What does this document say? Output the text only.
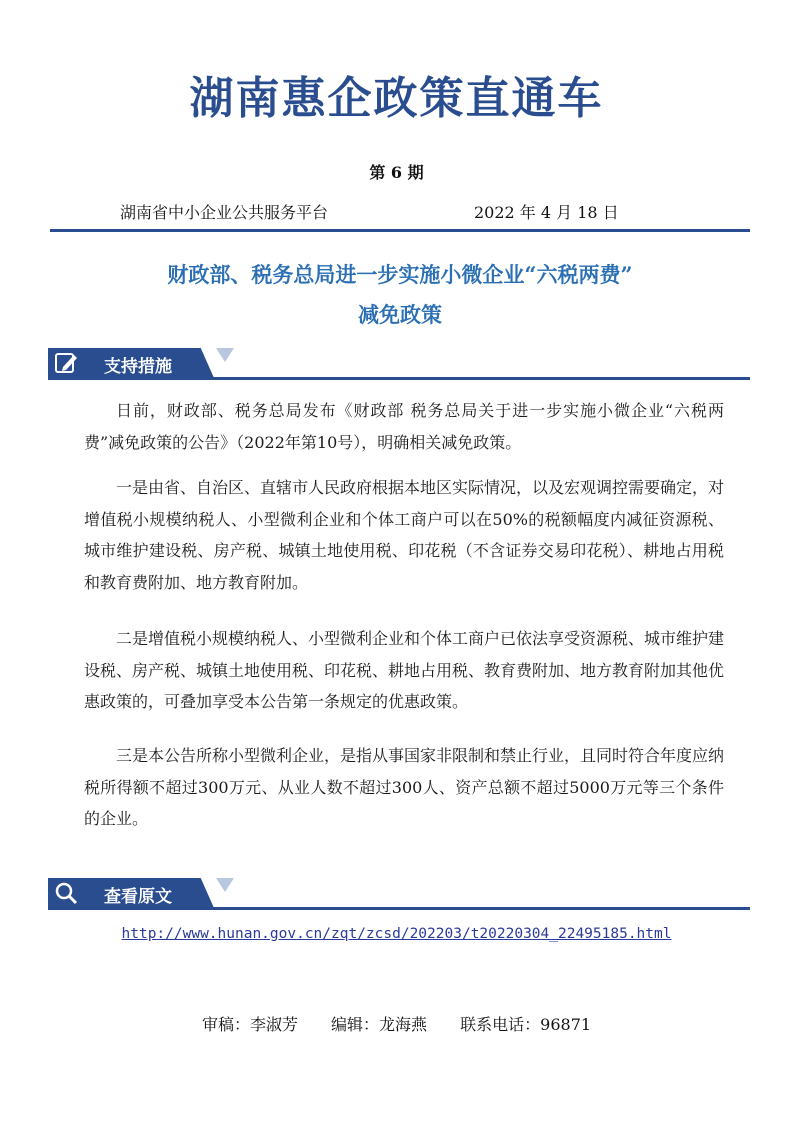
湖南惠企政策直通车
第 6 期
湖南省中小企业公共服务平台	2022 年 4 月 18 日
财政部、税务总局进一步实施小微企业“六税两费”
减免政策
支持措施
日前，财政部、税务总局发布《财政部 税务总局关于进一步实施小微企业“六税两费”减免政策的公告》（2022年第10号），明确相关减免政策。
一是由省、自治区、直辖市人民政府根据本地区实际情况，以及宏观调控需要确定，对增值税小规模纳税人、小型微利企业和个体工商户可以在50%的税额幅度内减征资源税、城市维护建设税、房产税、城镇土地使用税、印花税（不含证券交易印花税）、耕地占用税和教育费附加、地方教育附加。
二是增值税小规模纳税人、小型微利企业和个体工商户已依法享受资源税、城市维护建设税、房产税、城镇土地使用税、印花税、耕地占用税、教育费附加、地方教育附加其他优惠政策的，可叠加享受本公告第一条规定的优惠政策。
三是本公告所称小型微利企业，是指从事国家非限制和禁止行业，且同时符合年度应纳税所得额不超过300万元、从业人数不超过300人、资产总额不超过5000万元等三个条件的企业。
查看原文
http://www.hunan.gov.cn/zqt/zcsd/202203/t20220304_22495185.html
审稿：李淑芳 编辑：龙海燕 联系电话：96871
